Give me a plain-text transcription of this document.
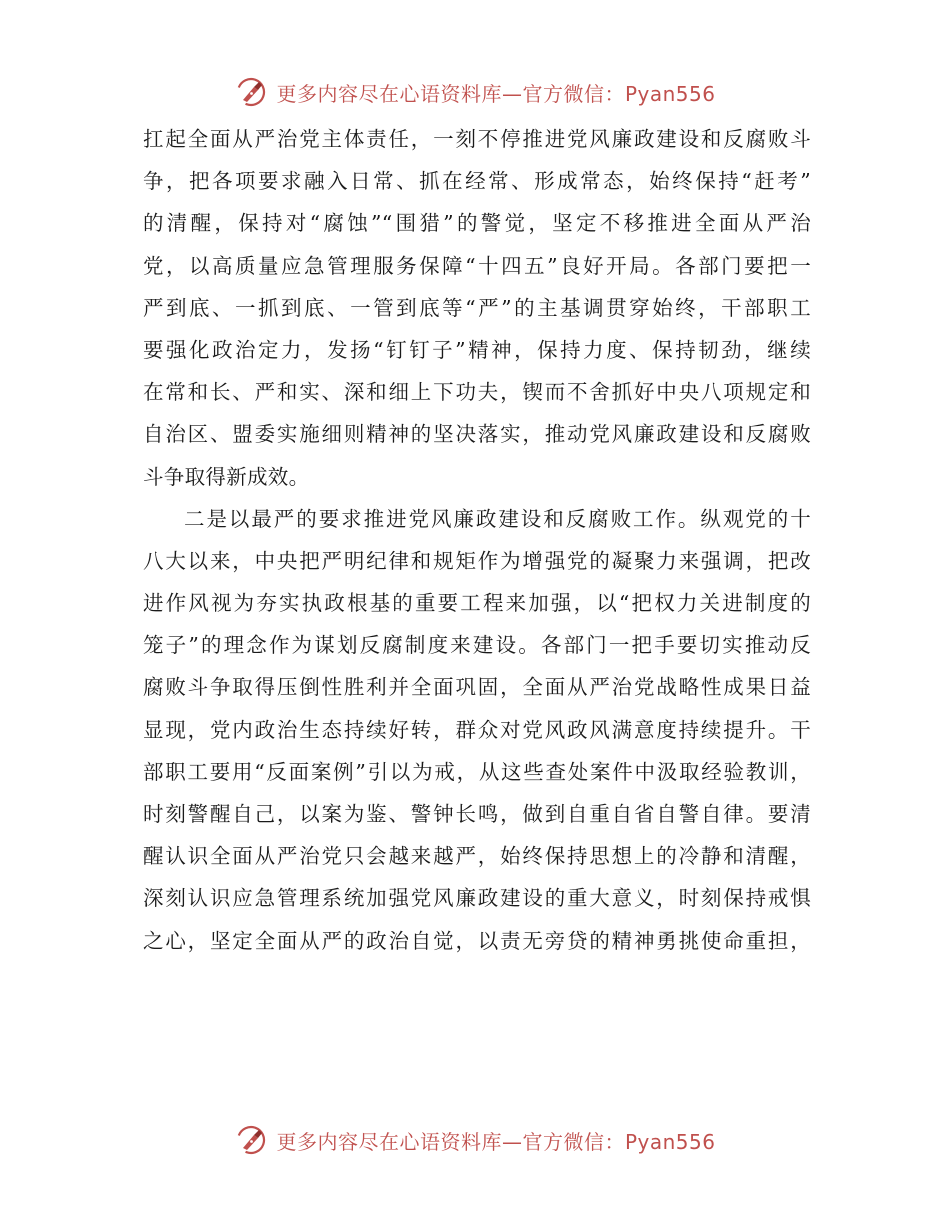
更多内容尽在心语资料库—官方微信：Pyan556
扛起全面从严治党主体责任，一刻不停推进党风廉政建设和反腐败斗
争，把各项要求融入日常、抓在经常、形成常态，始终保持“赶考”
的清醒，保持对“腐蚀”“围猎”的警觉，坚定不移推进全面从严治
党，以高质量应急管理服务保障“十四五”良好开局。各部门要把一
严到底、一抓到底、一管到底等“严”的主基调贯穿始终，干部职工
要强化政治定力，发扬“钉钉子”精神，保持力度、保持韧劲，继续
在常和长、严和实、深和细上下功夫，锲而不舍抓好中央八项规定和
自治区、盟委实施细则精神的坚决落实，推动党风廉政建设和反腐败
斗争取得新成效。
二是以最严的要求推进党风廉政建设和反腐败工作。纵观党的十
八大以来，中央把严明纪律和规矩作为增强党的凝聚力来强调，把改
进作风视为夯实执政根基的重要工程来加强，以“把权力关进制度的
笼子”的理念作为谋划反腐制度来建设。各部门一把手要切实推动反
腐败斗争取得压倒性胜利并全面巩固，全面从严治党战略性成果日益
显现，党内政治生态持续好转，群众对党风政风满意度持续提升。干
部职工要用“反面案例”引以为戒，从这些查处案件中汲取经验教训，
时刻警醒自己，以案为鉴、警钟长鸣，做到自重自省自警自律。要清
醒认识全面从严治党只会越来越严，始终保持思想上的冷静和清醒，
深刻认识应急管理系统加强党风廉政建设的重大意义，时刻保持戒惧
之心，坚定全面从严的政治自觉，以责无旁贷的精神勇挑使命重担，
更多内容尽在心语资料库—官方微信：Pyan556
